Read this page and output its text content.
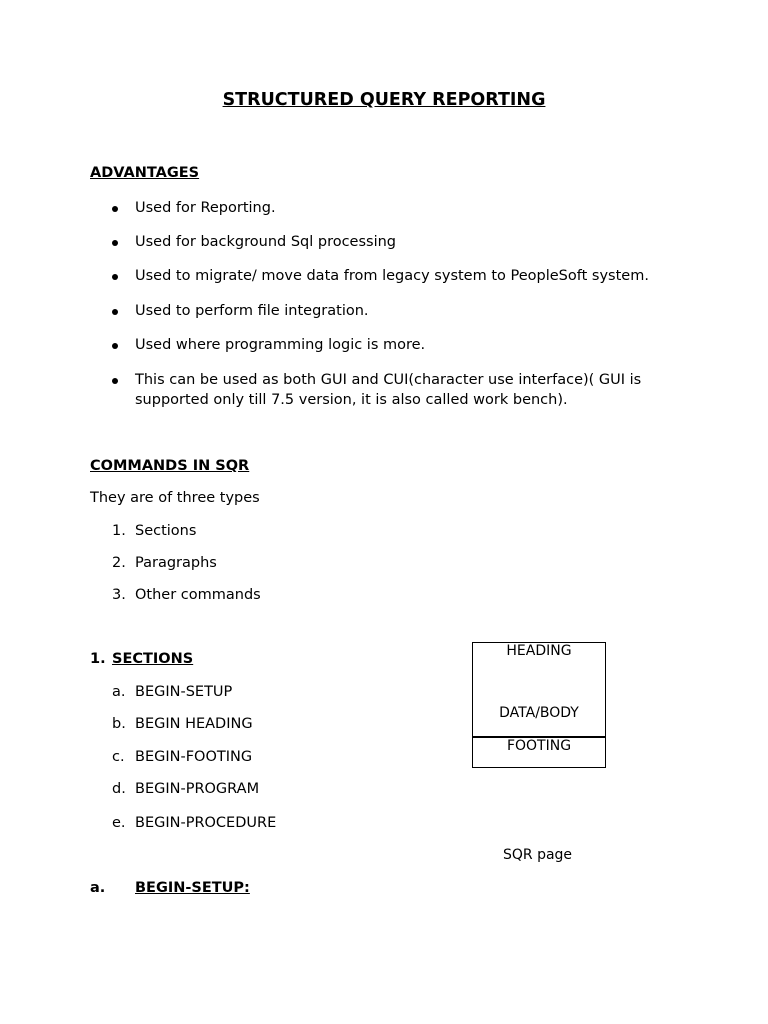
STRUCTURED QUERY REPORTING
ADVANTAGES
Used for Reporting.
Used for background Sql processing
Used to migrate/ move data from legacy system to PeopleSoft system.
Used to perform file integration.
Used where programming logic is more.
This can be used as both GUI and CUI(character use interface)( GUI is
supported only till 7.5 version, it is also called work bench).
COMMANDS IN SQR
They are of three types
1. Sections
2. Paragraphs
3. Other commands
1. SECTIONS
a. BEGIN-SETUP
b. BEGIN HEADING
c. BEGIN-FOOTING
d. BEGIN-PROGRAM
e. BEGIN-PROCEDURE
HEADING
DATA/BODY
FOOTING
SQR page
a. BEGIN-SETUP:
